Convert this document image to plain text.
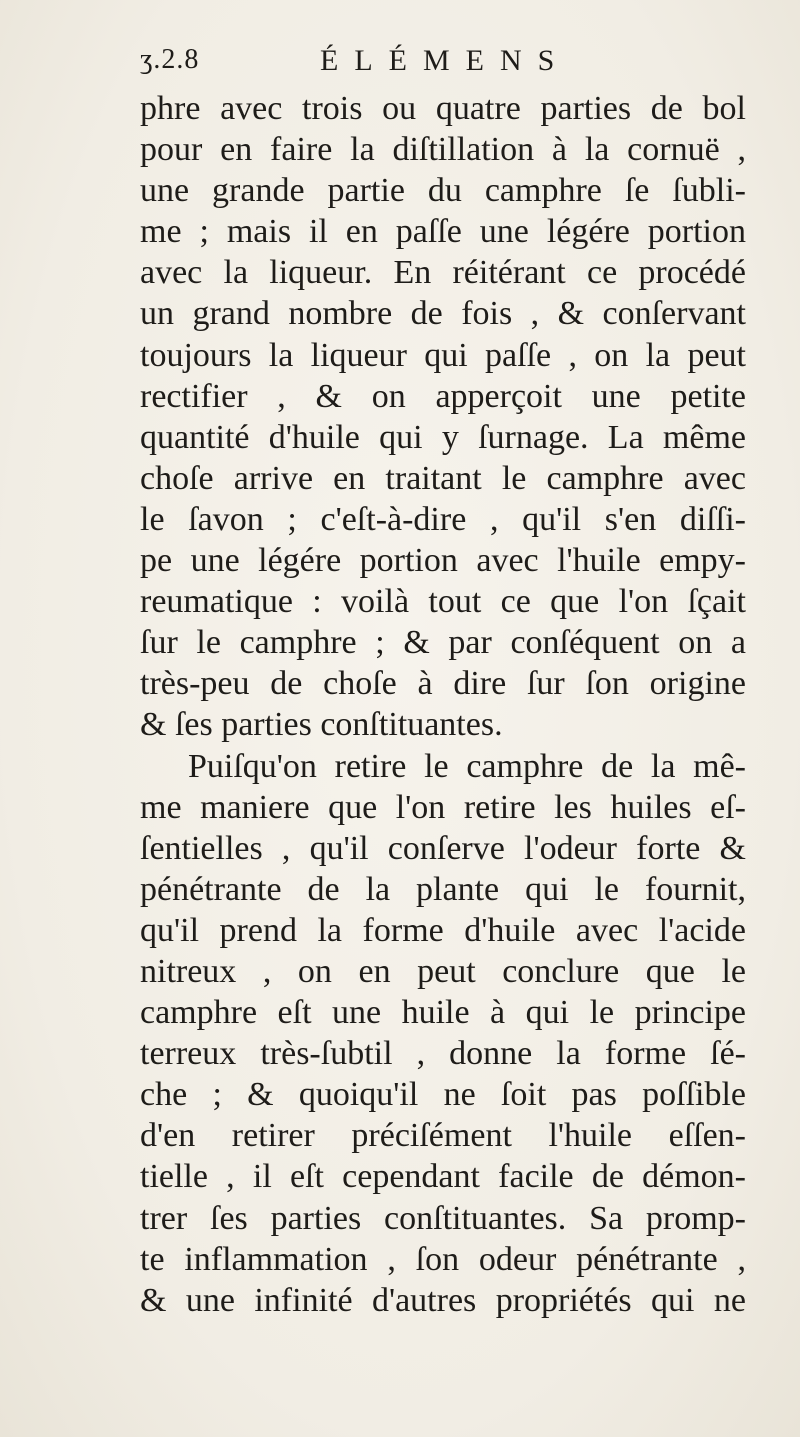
ʒ.2.8	ÉLÉMENS
phre avec trois ou quatre parties de bol
pour en faire la diſtillation à la cornuë ,
une grande partie du camphre ſe ſubli-
me ; mais il en paſſe une légére portion
avec la liqueur. En réitérant ce procédé
un grand nombre de fois , & conſervant
toujours la liqueur qui paſſe , on la peut
rectifier , & on apperçoit une petite
quantité d'huile qui y ſurnage. La même
choſe arrive en traitant le camphre avec
le ſavon ; c'eſt-à-dire , qu'il s'en diſſi-
pe une légére portion avec l'huile empy-
reumatique : voilà tout ce que l'on ſçait
ſur le camphre ; & par conſéquent on a
très-peu de choſe à dire ſur ſon origine
& ſes parties conſtituantes.
Puiſqu'on retire le camphre de la mê-
me maniere que l'on retire les huiles eſ-
ſentielles , qu'il conſerve l'odeur forte &
pénétrante de la plante qui le fournit,
qu'il prend la forme d'huile avec l'acide
nitreux , on en peut conclure que le
camphre eſt une huile à qui le principe
terreux très-ſubtil , donne la forme ſé-
che ; & quoiqu'il ne ſoit pas poſſible
d'en retirer préciſément l'huile eſſen-
tielle , il eſt cependant facile de démon-
trer ſes parties conſtituantes. Sa promp-
te inflammation , ſon odeur pénétrante ,
& une infinité d'autres propriétés qui ne
